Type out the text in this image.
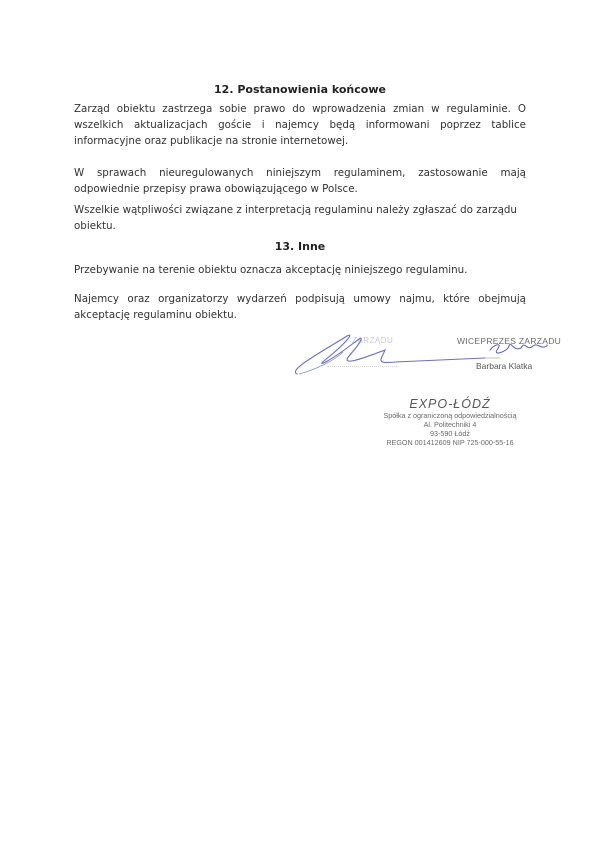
12. Postanowienia końcowe
Zarząd obiektu zastrzega sobie prawo do wprowadzenia zmian w regulaminie. O wszelkich aktualizacjach goście i najemcy będą informowani poprzez tablice informacyjne oraz publikacje na stronie internetowej.
W sprawach nieuregulowanych niniejszym regulaminem, zastosowanie mają odpowiednie przepisy prawa obowiązującego w Polsce.
Wszelkie wątpliwości związane z interpretacją regulaminu należy zgłaszać do zarządu obiektu.
13. Inne
Przebywanie na terenie obiektu oznacza akceptację niniejszego regulaminu.
Najemcy oraz organizatorzy wydarzeń podpisują umowy najmu, które obejmują akceptację regulaminu obiektu.
ZARZĄDU	WICEPREZES ZARZĄDU
Barbara Klatka
EXPO-ŁÓDŹ
Spółka z ograniczoną odpowiedzialnością
Al. Politechniki 4
93-590 Łódź
REGON 001412609 NIP 725-000-55-16
